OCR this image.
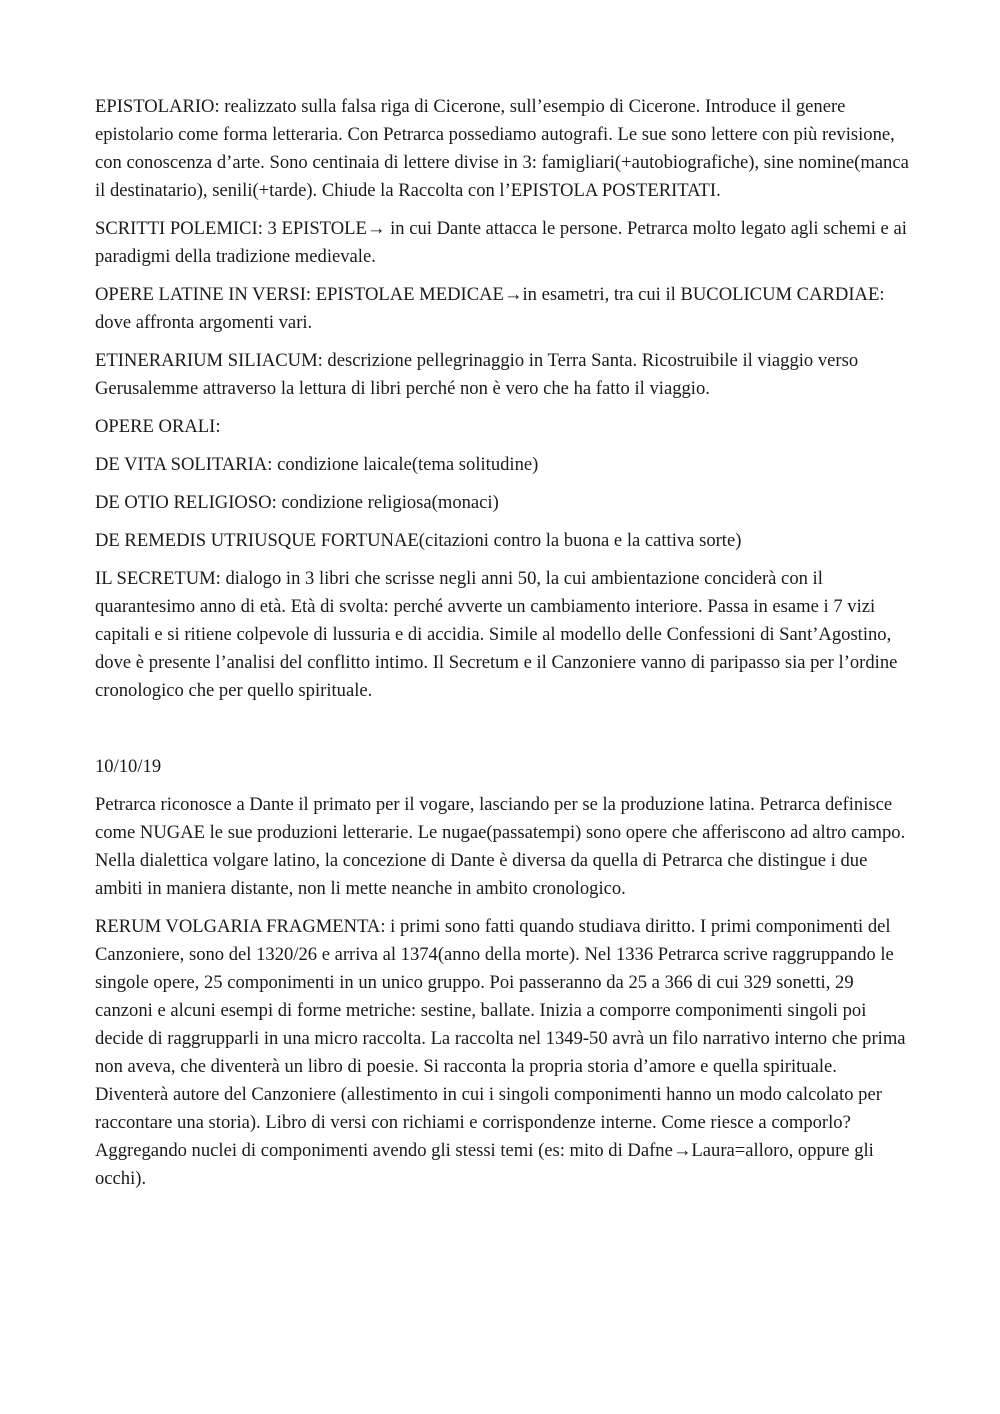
EPISTOLARIO: realizzato sulla falsa riga di Cicerone, sull’esempio di Cicerone. Introduce il genere epistolario come forma letteraria. Con Petrarca possediamo autografi. Le sue sono lettere con più revisione, con conoscenza d’arte. Sono centinaia di lettere divise in 3: famigliari(+autobiografiche), sine nomine(manca il destinatario), senili(+tarde). Chiude la Raccolta con l’EPISTOLA POSTERITATI.

SCRITTI POLEMICI: 3 EPISTOLE→ in cui Dante attacca le persone. Petrarca molto legato agli schemi e ai paradigmi della tradizione medievale.

OPERE LATINE IN VERSI: EPISTOLAE MEDICAE→in esametri, tra cui il BUCOLICUM CARDIAE: dove affronta argomenti vari.

ETINERARIUM SILIACUM: descrizione pellegrinaggio in Terra Santa. Ricostruibile il viaggio verso Gerusalemme attraverso la lettura di libri perché non è vero che ha fatto il viaggio.

OPERE ORALI:

DE VITA SOLITARIA: condizione laicale(tema solitudine)

DE OTIO RELIGIOSO: condizione religiosa(monaci)

DE REMEDIS UTRIUSQUE FORTUNAE(citazioni contro la buona e la cattiva sorte)

IL SECRETUM: dialogo in 3 libri che scrisse negli anni 50, la cui ambientazione conciderà con il quarantesimo anno di età. Età di svolta: perché avverte un cambiamento interiore. Passa in esame i 7 vizi capitali e si ritiene colpevole di lussuria e di accidia. Simile al modello delle Confessioni di Sant’Agostino, dove è presente l’analisi del conflitto intimo. Il Secretum e il Canzoniere vanno di paripasso sia per l’ordine cronologico che per quello spirituale.

10/10/19

Petrarca riconosce a Dante il primato per il vogare, lasciando per se la produzione latina. Petrarca definisce come NUGAE le sue produzioni letterarie. Le nugae(passatempi) sono opere che afferiscono ad altro campo. Nella dialettica volgare latino, la concezione di Dante è diversa da quella di Petrarca che distingue i due ambiti in maniera distante, non li mette neanche in ambito cronologico.

RERUM VOLGARIA FRAGMENTA: i primi sono fatti quando studiava diritto. I primi componimenti del Canzoniere, sono del 1320/26 e arriva al 1374(anno della morte). Nel 1336 Petrarca scrive raggruppando le singole opere, 25 componimenti in un unico gruppo. Poi passeranno da 25 a 366 di cui 329 sonetti, 29 canzoni e alcuni esempi di forme metriche: sestine, ballate. Inizia a comporre componimenti singoli poi decide di raggrupparli in una micro raccolta. La raccolta nel 1349-50 avrà un filo narrativo interno che prima non aveva, che diventerà un libro di poesie. Si racconta la propria storia d’amore e quella spirituale. Diventerà autore del Canzoniere (allestimento in cui i singoli componimenti hanno un modo calcolato per raccontare una storia). Libro di versi con richiami e corrispondenze interne. Come riesce a comporlo? Aggregando nuclei di componimenti avendo gli stessi temi (es: mito di Dafne→Laura=alloro, oppure gli occhi).
